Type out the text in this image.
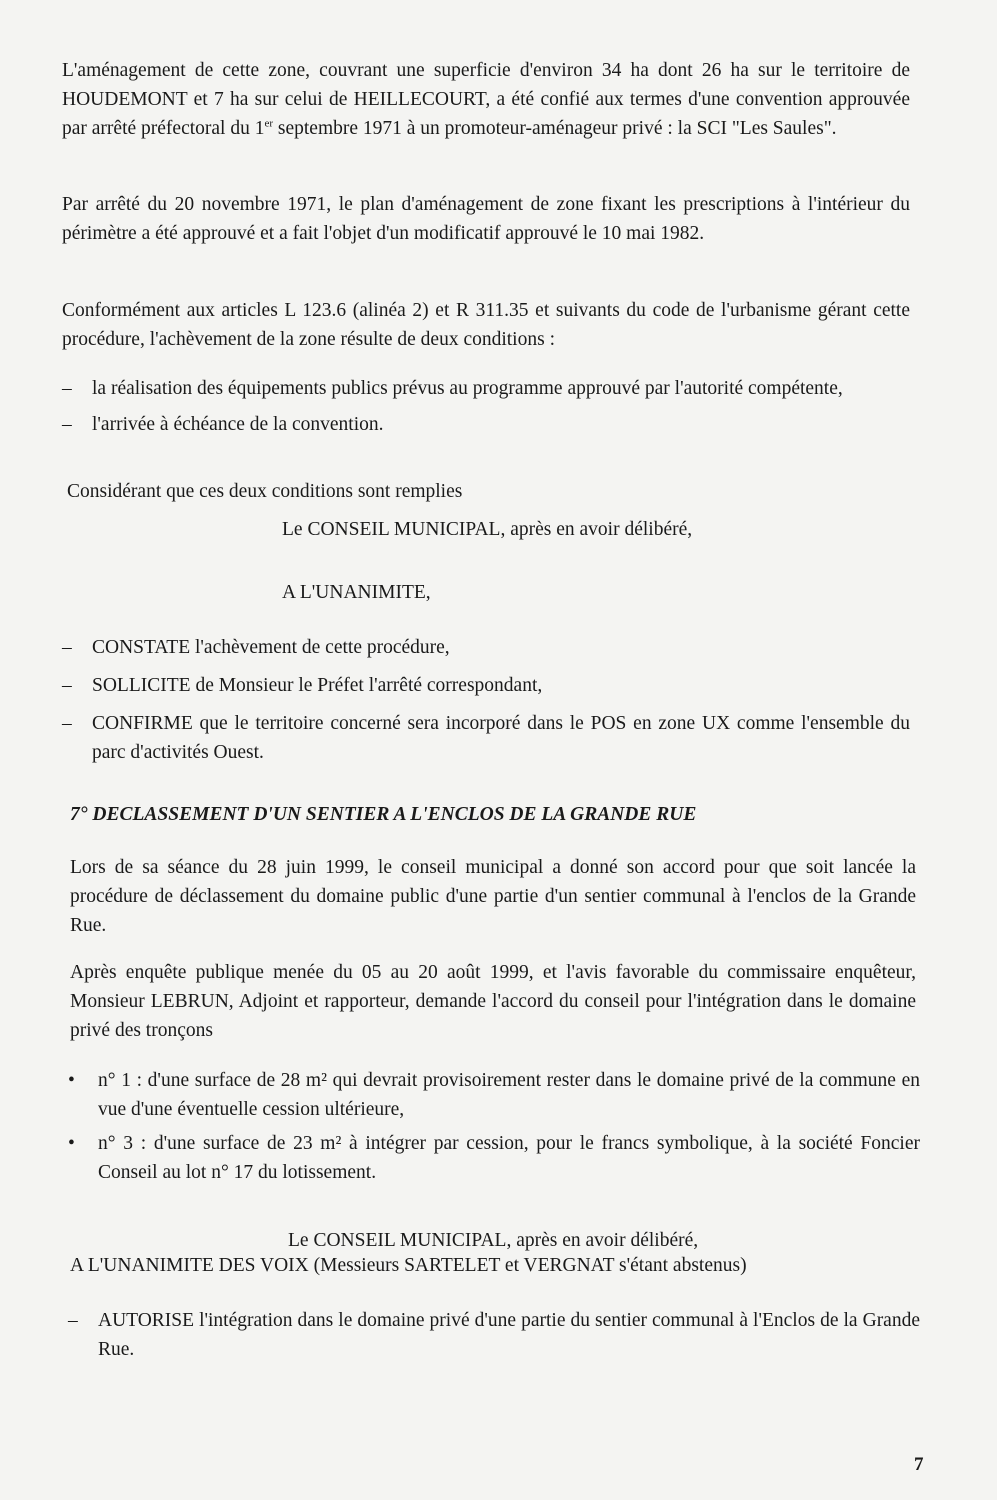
L'aménagement de cette zone, couvrant une superficie d'environ 34 ha dont 26 ha sur le territoire de HOUDEMONT et 7 ha sur celui de HEILLECOURT, a été confié aux termes d'une convention approuvée par arrêté préfectoral du 1er septembre 1971 à un promoteur-aménageur privé : la SCI "Les Saules".

Par arrêté du 20 novembre 1971, le plan d'aménagement de zone fixant les prescriptions à l'intérieur du périmètre a été approuvé et a fait l'objet d'un modificatif approuvé le 10 mai 1982.

Conformément aux articles L 123.6 (alinéa 2) et R 311.35 et suivants du code de l'urbanisme gérant cette procédure, l'achèvement de la zone résulte de deux conditions :

– la réalisation des équipements publics prévus au programme approuvé par l'autorité compétente,
– l'arrivée à échéance de la convention.

Considérant que ces deux conditions sont remplies

Le CONSEIL MUNICIPAL, après en avoir délibéré,

A L'UNANIMITE,

– CONSTATE l'achèvement de cette procédure,
– SOLLICITE de Monsieur le Préfet l'arrêté correspondant,
– CONFIRME que le territoire concerné sera incorporé dans le POS en zone UX comme l'ensemble du parc d'activités Ouest.

7° DECLASSEMENT D'UN SENTIER A L'ENCLOS DE LA GRANDE RUE

Lors de sa séance du 28 juin 1999, le conseil municipal a donné son accord pour que soit lancée la procédure de déclassement du domaine public d'une partie d'un sentier communal à l'enclos de la Grande Rue.

Après enquête publique menée du 05 au 20 août 1999, et l'avis favorable du commissaire enquêteur, Monsieur LEBRUN, Adjoint et rapporteur, demande l'accord du conseil pour l'intégration dans le domaine privé des tronçons

• n° 1 : d'une surface de 28 m² qui devrait provisoirement rester dans le domaine privé de la commune en vue d'une éventuelle cession ultérieure,
• n° 3 : d'une surface de 23 m² à intégrer par cession, pour le francs symbolique, à la société Foncier Conseil au lot n° 17 du lotissement.

Le CONSEIL MUNICIPAL, après en avoir délibéré,

A L'UNANIMITE DES VOIX (Messieurs SARTELET et VERGNAT s'étant abstenus)

– AUTORISE l'intégration dans le domaine privé d'une partie du sentier communal à l'Enclos de la Grande Rue.

7
